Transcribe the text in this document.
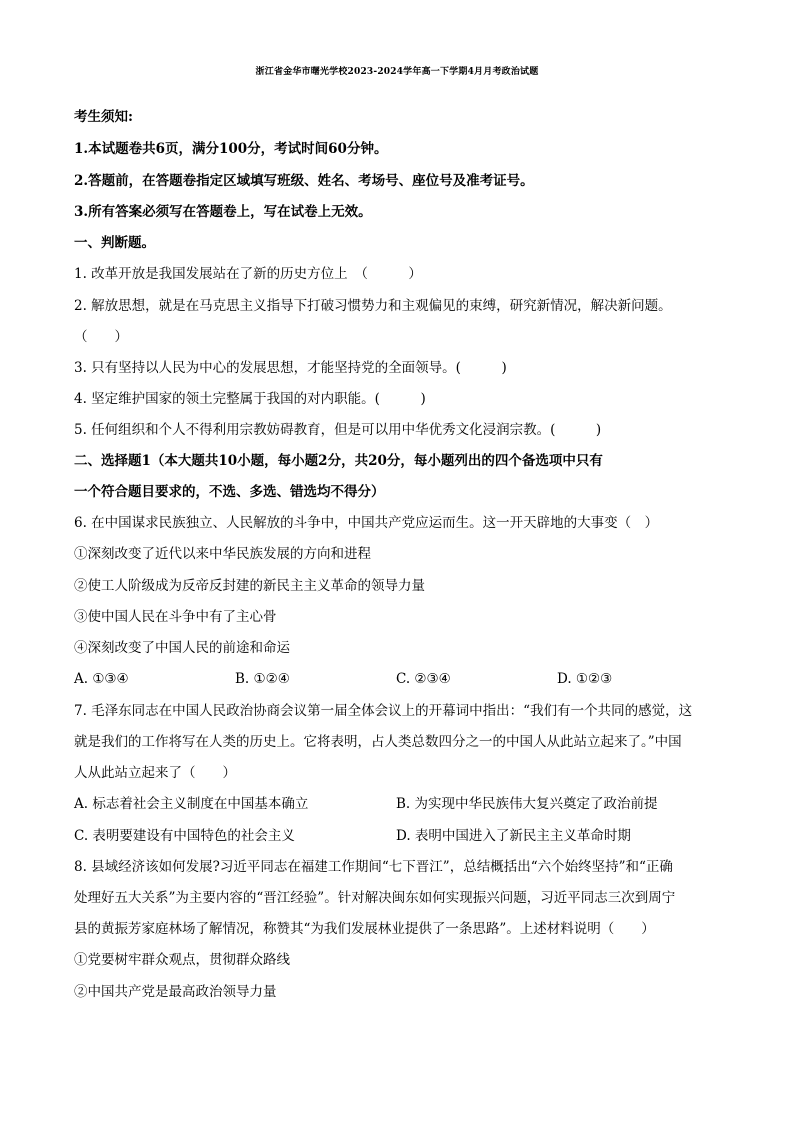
浙江省金华市曙光学校2023-2024学年高一下学期4月月考政治试题
考生须知:
1.本试题卷共6页，满分100分，考试时间60分钟。
2.答题前，在答题卷指定区域填写班级、姓名、考场号、座位号及准考证号。
3.所有答案必须写在答题卷上，写在试卷上无效。
一、判断题。
1. 改革开放是我国发展站在了新的历史方位上　（　　　）
2. 解放思想，就是在马克思主义指导下打破习惯势力和主观偏见的束缚，研究新情况，解决新问题。
（　　）
3. 只有坚持以人民为中心的发展思想，才能坚持党的全面领导。(　　　)
4. 坚定维护国家的领土完整属于我国的对内职能。(　　　)
5. 任何组织和个人不得利用宗教妨碍教育，但是可以用中华优秀文化浸润宗教。(　　　)
二、选择题1（本大题共10小题，每小题2分，共20分，每小题列出的四个备选项中只有
一个符合题目要求的，不选、多选、错选均不得分）
6. 在中国谋求民族独立、人民解放的斗争中，中国共产党应运而生。这一开天辟地的大事变（　）
①深刻改变了近代以来中华民族发展的方向和进程
②使工人阶级成为反帝反封建的新民主主义革命的领导力量
③使中国人民在斗争中有了主心骨
④深刻改变了中国人民的前途和命运
A. ①③④	B. ①②④	C. ②③④	D. ①②③
7. 毛泽东同志在中国人民政治协商会议第一届全体会议上的开幕词中指出：“我们有一个共同的感觉，这
就是我们的工作将写在人类的历史上。它将表明，占人类总数四分之一的中国人从此站立起来了。”中国
人从此站立起来了（　　）
A. 标志着社会主义制度在中国基本确立	B. 为实现中华民族伟大复兴奠定了政治前提
C. 表明要建设有中国特色的社会主义	D. 表明中国进入了新民主主义革命时期
8. 县域经济该如何发展?习近平同志在福建工作期间“七下晋江”，总结概括出“六个始终坚持”和“正确
处理好五大关系”为主要内容的“晋江经验”。针对解决闽东如何实现振兴问题，习近平同志三次到周宁
县的黄振芳家庭林场了解情况，称赞其“为我们发展林业提供了一条思路”。上述材料说明（　　）
①党要树牢群众观点，贯彻群众路线
②中国共产党是最高政治领导力量
